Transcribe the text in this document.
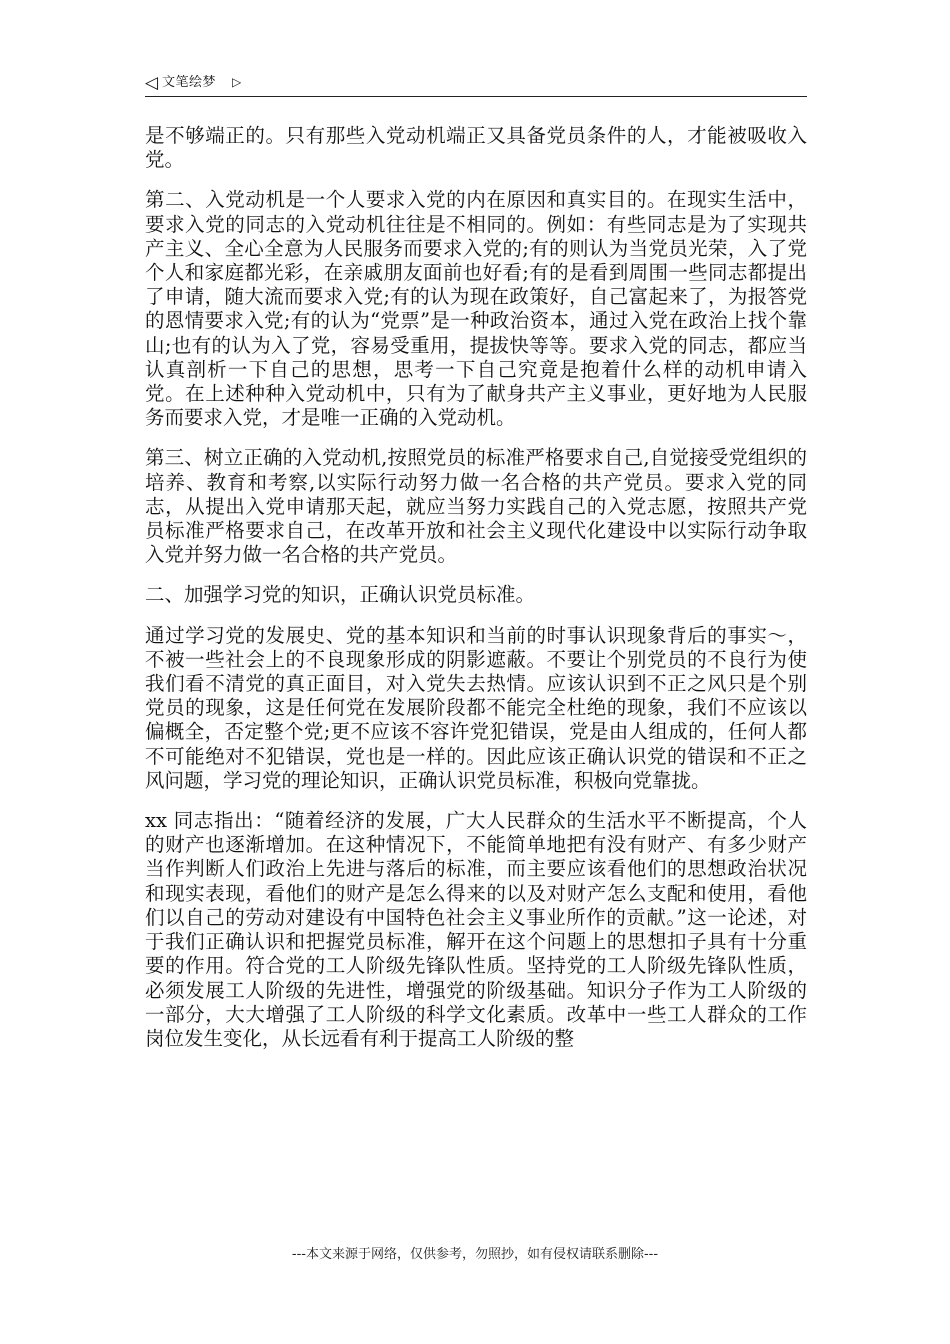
◁ 文笔绘梦 ▷

是不够端正的。只有那些入党动机端正又具备党员条件的人，才能被吸收入党。

第二、入党动机是一个人要求入党的内在原因和真实目的。在现实生活中，要求入党的同志的入党动机往往是不相同的。例如：有些同志是为了实现共产主义、全心全意为人民服务而要求入党的;有的则认为当党员光荣，入了党个人和家庭都光彩，在亲戚朋友面前也好看;有的是看到周围一些同志都提出了申请，随大流而要求入党;有的认为现在政策好，自己富起来了，为报答党的恩情要求入党;有的认为“党票”是一种政治资本，通过入党在政治上找个靠山;也有的认为入了党，容易受重用，提拔快等等。要求入党的同志，都应当认真剖析一下自己的思想，思考一下自己究竟是抱着什么样的动机申请入党。在上述种种入党动机中，只有为了献身共产主义事业，更好地为人民服务而要求入党，才是唯一正确的入党动机。

第三、树立正确的入党动机,按照党员的标准严格要求自己,自觉接受党组织的培养、教育和考察,以实际行动努力做一名合格的共产党员。要求入党的同志，从提出入党申请那天起，就应当努力实践自己的入党志愿，按照共产党员标准严格要求自己，在改革开放和社会主义现代化建设中以实际行动争取入党并努力做一名合格的共产党员。

二、加强学习党的知识，正确认识党员标准。

通过学习党的发展史、党的基本知识和当前的时事认识现象背后的事实～，不被一些社会上的不良现象形成的阴影遮蔽。不要让个别党员的不良行为使我们看不清党的真正面目，对入党失去热情。应该认识到不正之风只是个别党员的现象，这是任何党在发展阶段都不能完全杜绝的现象，我们不应该以偏概全，否定整个党;更不应该不容许党犯错误，党是由人组成的，任何人都不可能绝对不犯错误，党也是一样的。因此应该正确认识党的错误和不正之风问题，学习党的理论知识，正确认识党员标准，积极向党靠拢。

xx 同志指出：“随着经济的发展，广大人民群众的生活水平不断提高，个人的财产也逐渐增加。在这种情况下，不能简单地把有没有财产、有多少财产当作判断人们政治上先进与落后的标准，而主要应该看他们的思想政治状况和现实表现，看他们的财产是怎么得来的以及对财产怎么支配和使用，看他们以自己的劳动对建设有中国特色社会主义事业所作的贡献。”这一论述，对于我们正确认识和把握党员标准，解开在这个问题上的思想扣子具有十分重要的作用。符合党的工人阶级先锋队性质。坚持党的工人阶级先锋队性质，必须发展工人阶级的先进性，增强党的阶级基础。知识分子作为工人阶级的一部分，大大增强了工人阶级的科学文化素质。改革中一些工人群众的工作岗位发生变化，从长远看有利于提高工人阶级的整

---本文来源于网络，仅供参考，勿照抄，如有侵权请联系删除---
